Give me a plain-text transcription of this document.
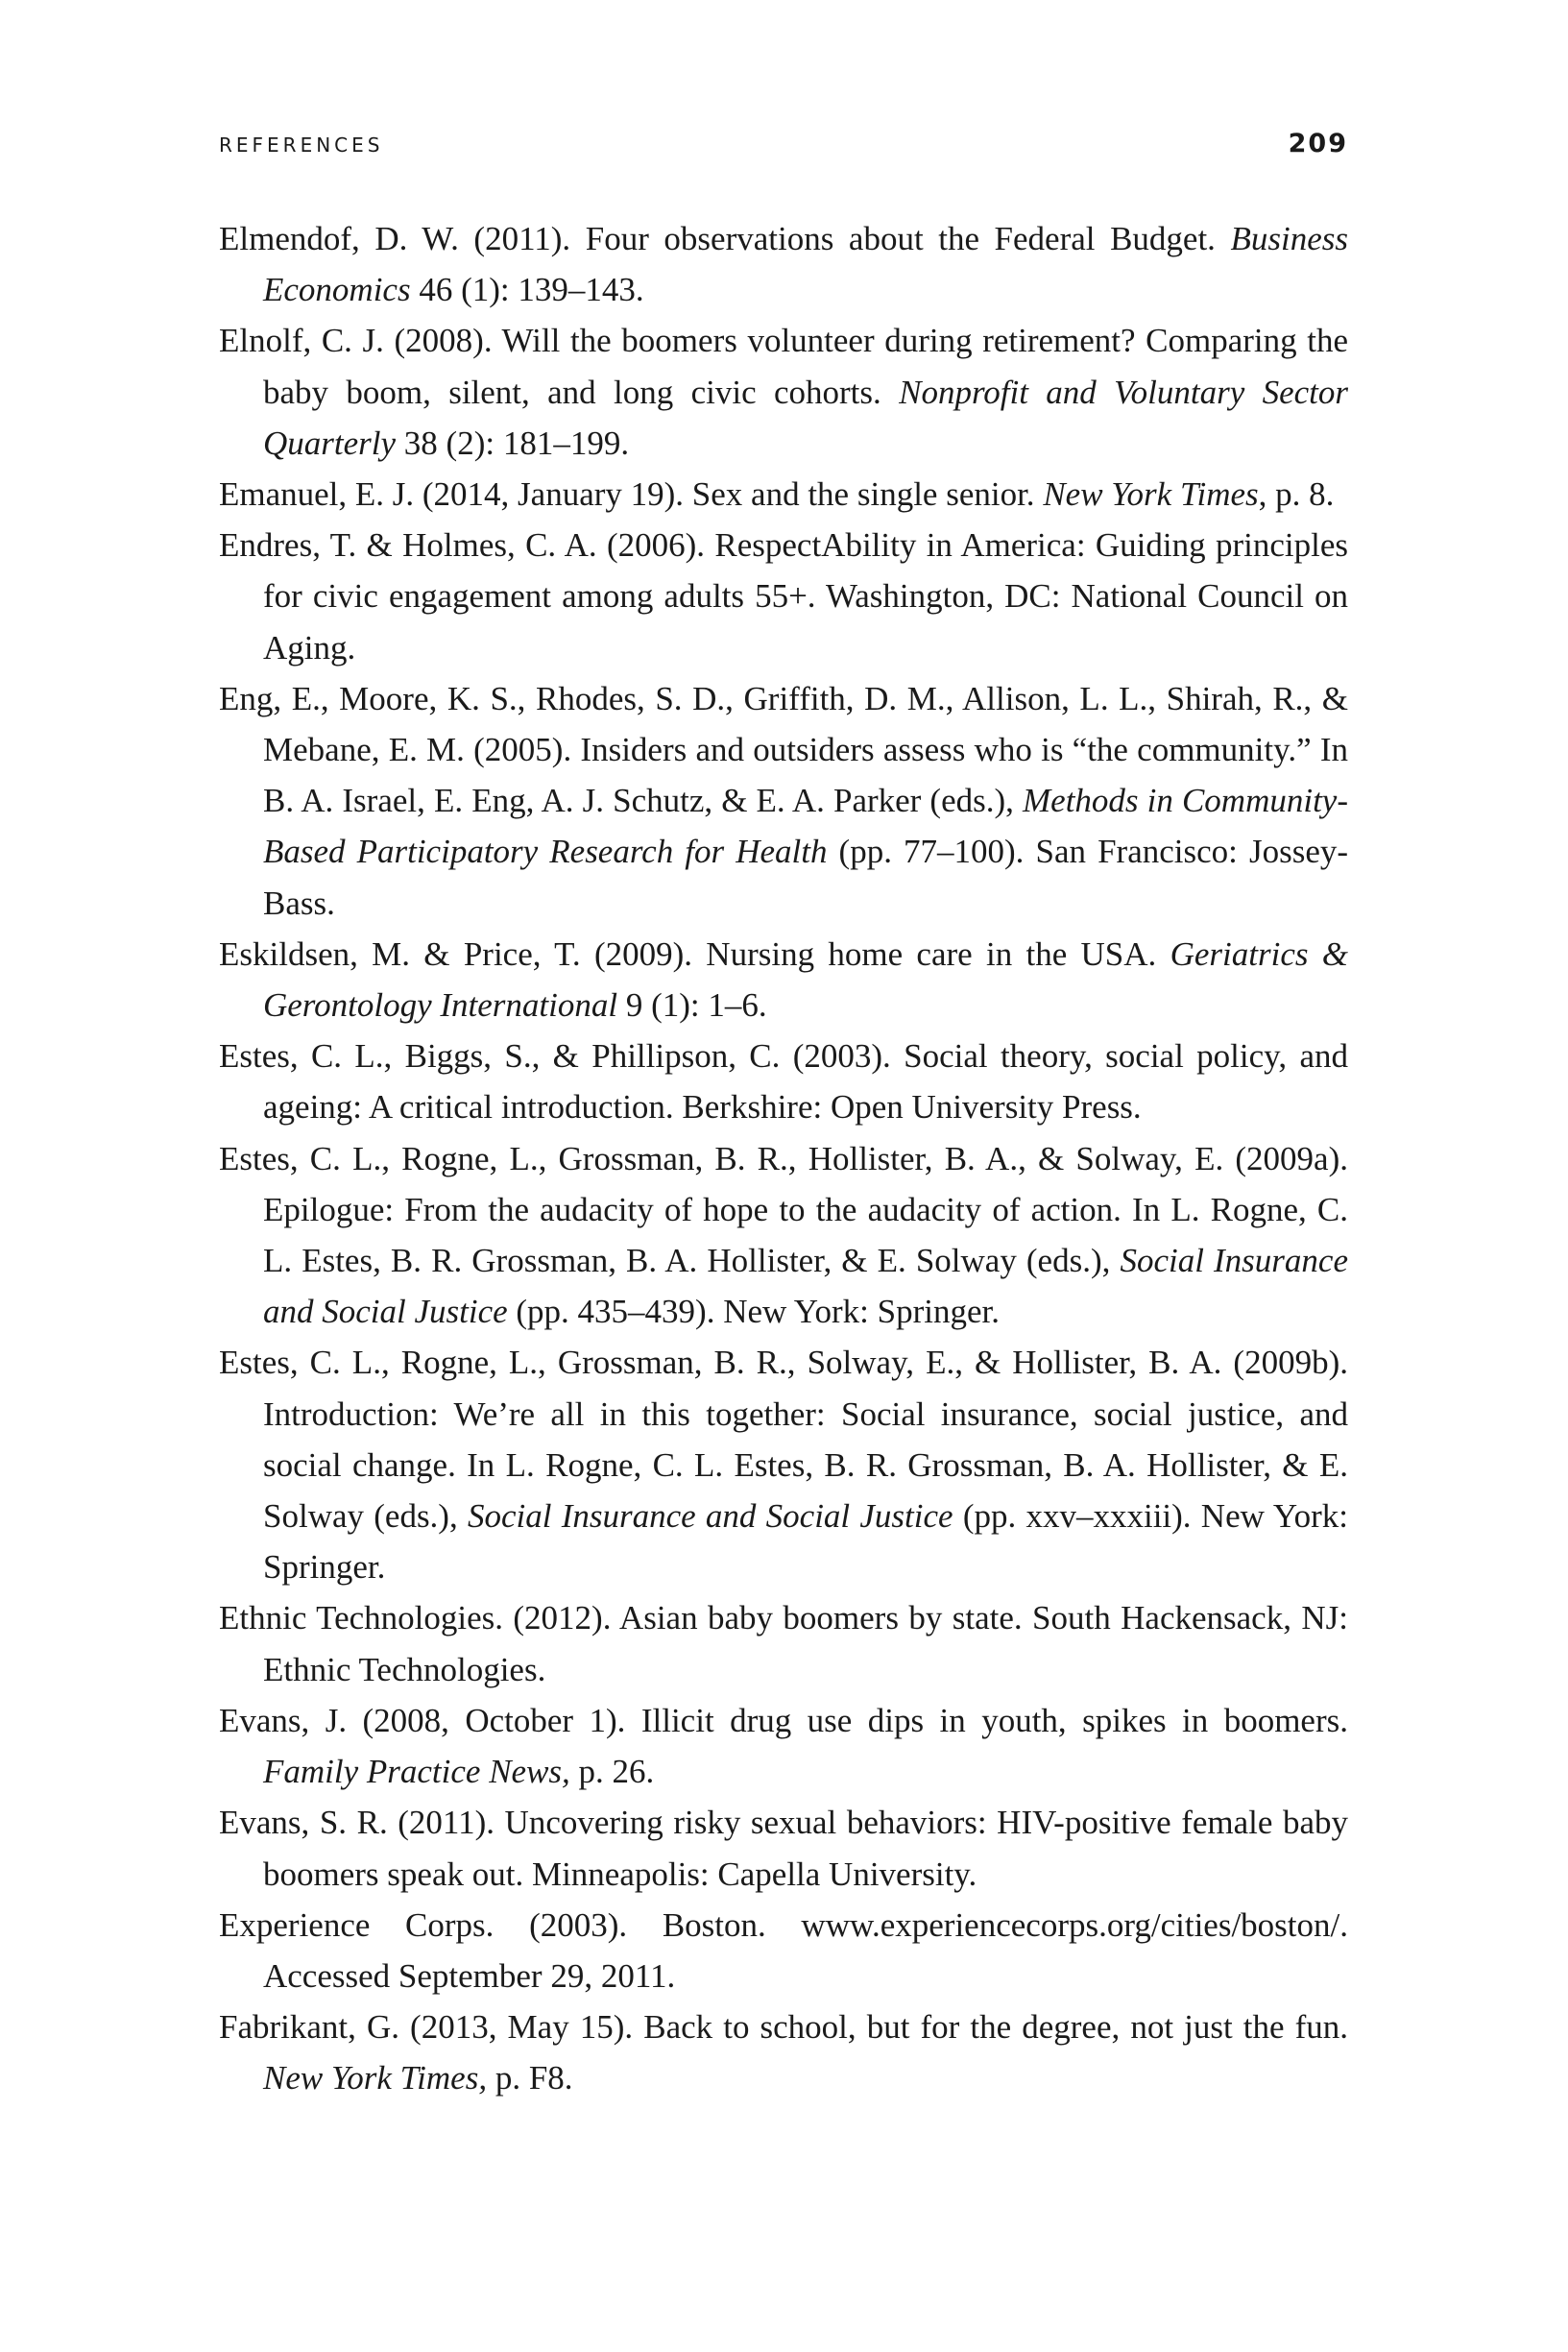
REFERENCES	209
Elmendof, D. W. (2011). Four observations about the Federal Budget. Business Economics 46 (1): 139–143.
Elnolf, C. J. (2008). Will the boomers volunteer during retirement? Comparing the baby boom, silent, and long civic cohorts. Nonprofit and Voluntary Sector Quarterly 38 (2): 181–199.
Emanuel, E. J. (2014, January 19). Sex and the single senior. New York Times, p. 8.
Endres, T. & Holmes, C. A. (2006). RespectAbility in America: Guiding principles for civic engagement among adults 55+. Washington, DC: National Council on Aging.
Eng, E., Moore, K. S., Rhodes, S. D., Griffith, D. M., Allison, L. L., Shirah, R., & Mebane, E. M. (2005). Insiders and outsiders assess who is “the community.” In B. A. Israel, E. Eng, A. J. Schutz, & E. A. Parker (eds.), Methods in Community-Based Participatory Research for Health (pp. 77–100). San Francisco: Jossey-Bass.
Eskildsen, M. & Price, T. (2009). Nursing home care in the USA. Geriatrics & Gerontology International 9 (1): 1–6.
Estes, C. L., Biggs, S., & Phillipson, C. (2003). Social theory, social policy, and ageing: A critical introduction. Berkshire: Open University Press.
Estes, C. L., Rogne, L., Grossman, B. R., Hollister, B. A., & Solway, E. (2009a). Epilogue: From the audacity of hope to the audacity of action. In L. Rogne, C. L. Estes, B. R. Grossman, B. A. Hollister, & E. Solway (eds.), Social Insurance and Social Justice (pp. 435–439). New York: Springer.
Estes, C. L., Rogne, L., Grossman, B. R., Solway, E., & Hollister, B. A. (2009b). Introduction: We’re all in this together: Social insurance, social justice, and social change. In L. Rogne, C. L. Estes, B. R. Grossman, B. A. Hollister, & E. Solway (eds.), Social Insurance and Social Justice (pp. xxv–xxxiii). New York: Springer.
Ethnic Technologies. (2012). Asian baby boomers by state. South Hackensack, NJ: Ethnic Technologies.
Evans, J. (2008, October 1). Illicit drug use dips in youth, spikes in boomers. Family Practice News, p. 26.
Evans, S. R. (2011). Uncovering risky sexual behaviors: HIV-positive female baby boomers speak out. Minneapolis: Capella University.
Experience Corps. (2003). Boston. www.experiencecorps.org/cities/boston/. Accessed September 29, 2011.
Fabrikant, G. (2013, May 15). Back to school, but for the degree, not just the fun. New York Times, p. F8.
